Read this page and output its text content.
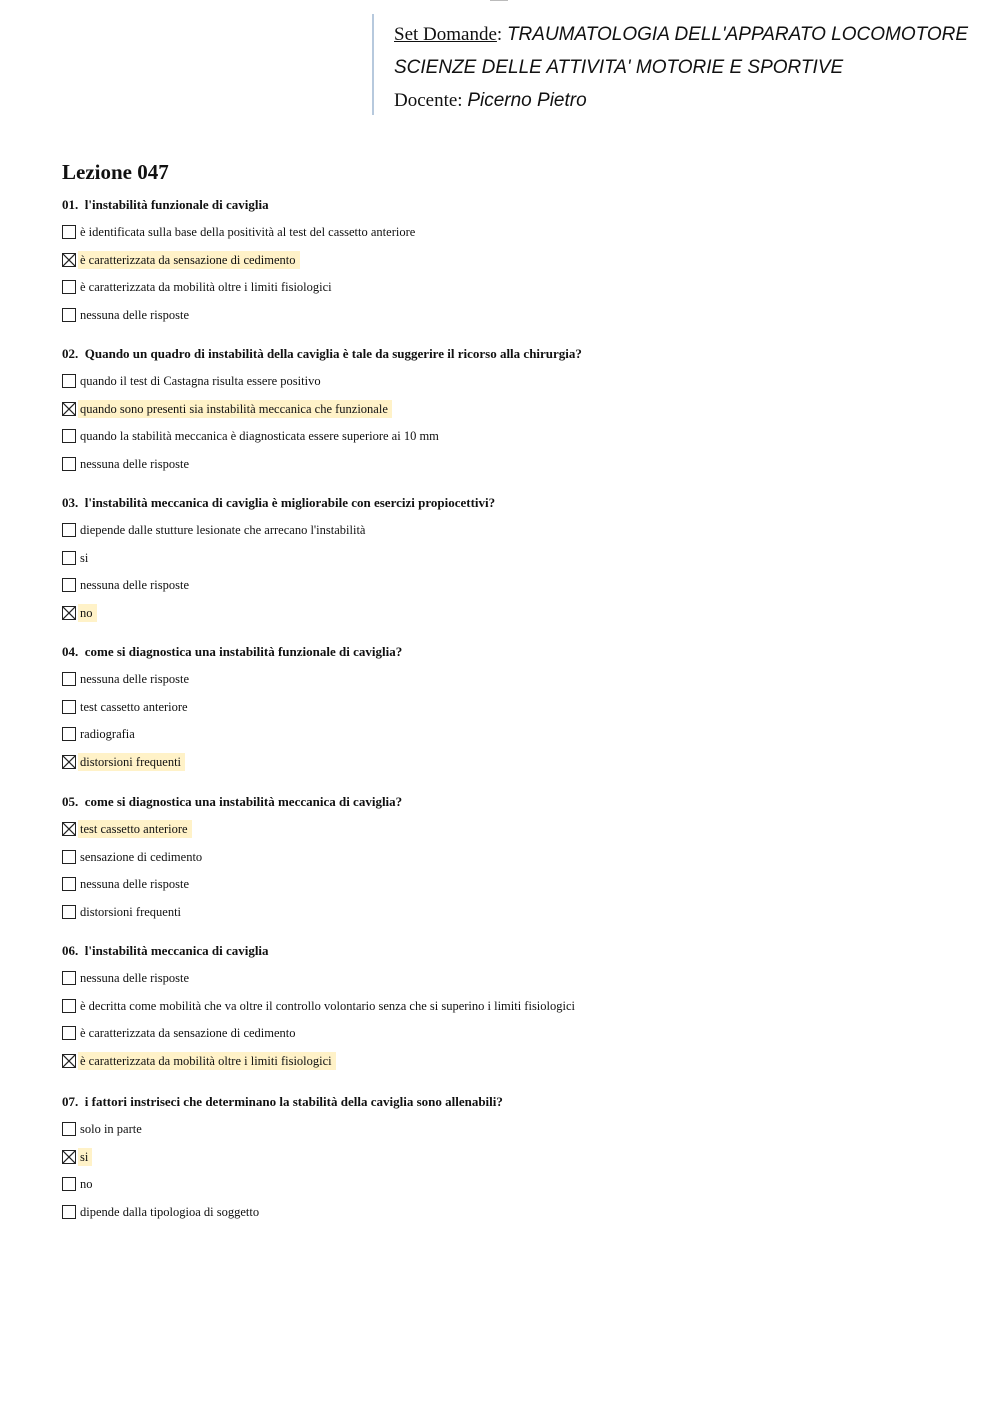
Set Domande: TRAUMATOLOGIA DELL'APPARATO LOCOMOTORE
SCIENZE DELLE ATTIVITA' MOTORIE E SPORTIVE
Docente: Picerno Pietro
Lezione 047
01. l'instabilità funzionale di caviglia
è identificata sulla base della positività al test del cassetto anteriore
è caratterizzata da sensazione di cedimento
è caratterizzata da mobilità oltre i limiti fisiologici
nessuna delle risposte
02. Quando un quadro di instabilità della caviglia è tale da suggerire il ricorso alla chirurgia?
quando il test di Castagna risulta essere positivo
quando sono presenti sia instabilità meccanica che funzionale
quando la stabilità meccanica è diagnosticata essere superiore ai 10 mm
nessuna delle risposte
03. l'instabilità meccanica di caviglia è migliorabile con esercizi propiocettivi?
diepende dalle stutture lesionate che arrecano l'instabilità
si
nessuna delle risposte
no
04. come si diagnostica una instabilità funzionale di caviglia?
nessuna delle risposte
test cassetto anteriore
radiografia
distorsioni frequenti
05. come si diagnostica una instabilità meccanica di caviglia?
test cassetto anteriore
sensazione di cedimento
nessuna delle risposte
distorsioni frequenti
06. l'instabilità meccanica di caviglia
nessuna delle risposte
è decritta come mobilità che va oltre il controllo volontario senza che si superino i limiti fisiologici
è caratterizzata da sensazione di cedimento
è caratterizzata da mobilità oltre i limiti fisiologici
07. i fattori instriseci che determinano la stabilità della caviglia sono allenabili?
solo in parte
si
no
dipende dalla tipologioa di soggetto
